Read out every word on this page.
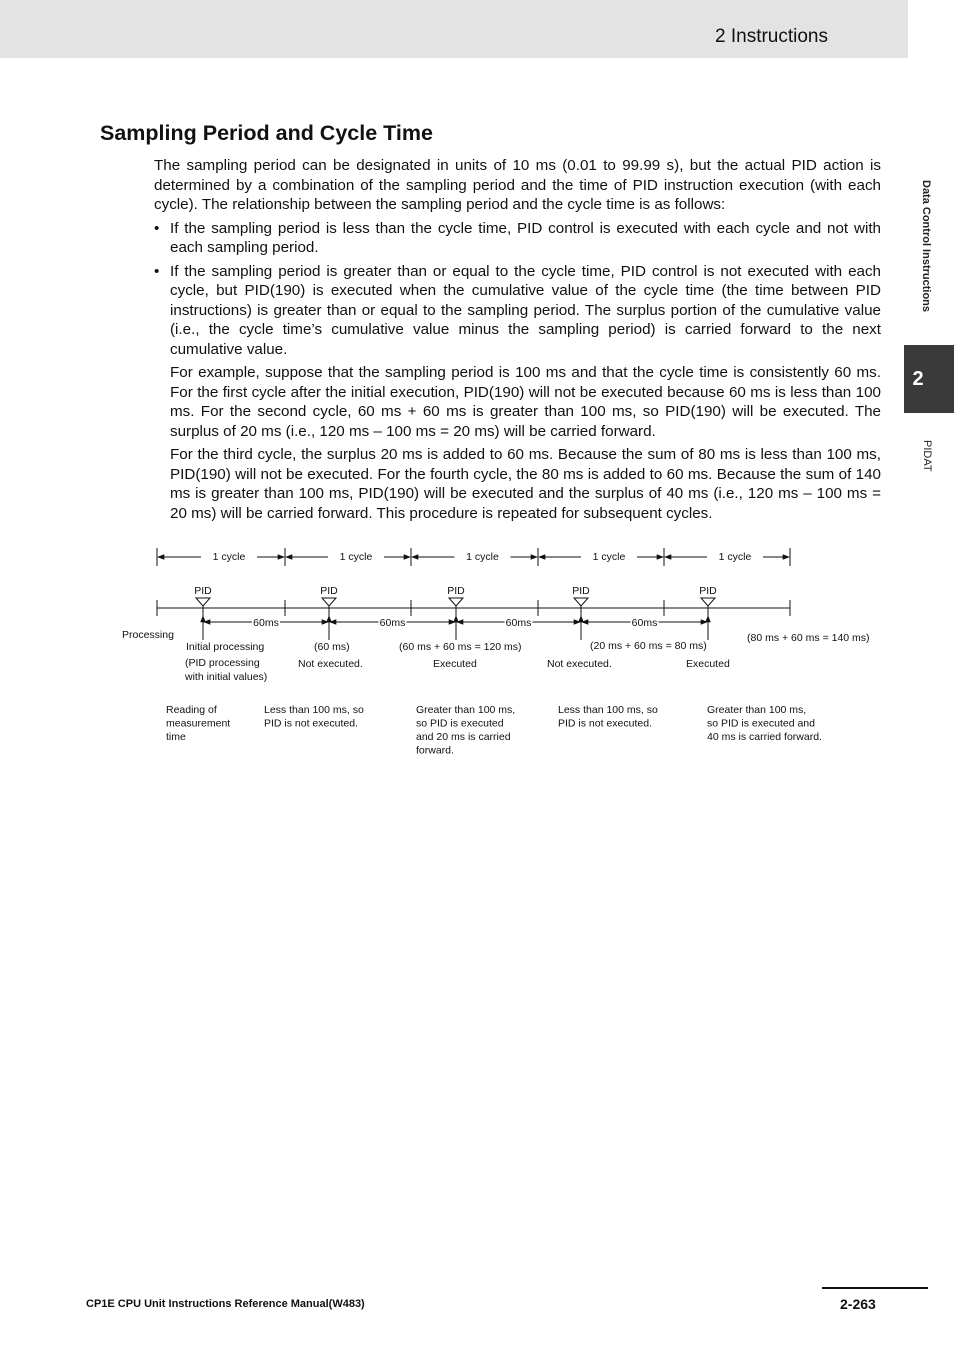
2 Instructions
Data Control Instructions
2
PIDAT
Sampling Period and Cycle Time

The sampling period can be designated in units of 10 ms (0.01 to 99.99 s), but the actual PID action is determined by a combination of the sampling period and the time of PID instruction execution (with each cycle). The relationship between the sampling period and the cycle time is as follows:

• If the sampling period is less than the cycle time, PID control is executed with each cycle and not with each sampling period.
• If the sampling period is greater than or equal to the cycle time, PID control is not executed with each cycle, but PID(190) is executed when the cumulative value of the cycle time (the time between PID instructions) is greater than or equal to the sampling period. The surplus portion of the cumulative value (i.e., the cycle time’s cumulative value minus the sampling period) is carried forward to the next cumulative value.

For example, suppose that the sampling period is 100 ms and that the cycle time is consistently 60 ms. For the first cycle after the initial execution, PID(190) will not be executed because 60 ms is less than 100 ms. For the second cycle, 60 ms + 60 ms is greater than 100 ms, so PID(190) will be executed. The surplus of 20 ms (i.e., 120 ms – 100 ms = 20 ms) will be carried forward.

For the third cycle, the surplus 20 ms is added to 60 ms. Because the sum of 80 ms is less than 100 ms, PID(190) will not be executed. For the fourth cycle, the 80 ms is added to 60 ms. Because the sum of 140 ms is greater than 100 ms, PID(190) will be executed and the surplus of 40 ms (i.e., 120 ms – 100 ms = 20 ms) will be carried forward. This procedure is repeated for subsequent cycles.

1 cycle	1 cycle	1 cycle	1 cycle	1 cycle
PID	PID	PID	PID	PID
60ms	60ms	60ms	60ms
Processing
Initial processing
(PID processing
with initial values)
(60 ms)	(60 ms + 60 ms = 120 ms)	(20 ms + 60 ms = 80 ms)
(80 ms + 60 ms = 140 ms)
Not executed.	Executed	Not executed.	Executed
Reading of
measurement
time
Less than 100 ms, so
PID is not executed.
Greater than 100 ms,
so PID is executed
and 20 ms is carried
forward.
Less than 100 ms, so
PID is not executed.
Greater than 100 ms,
so PID is executed and
40 ms is carried forward.
CP1E CPU Unit Instructions Reference Manual(W483)	2-263
